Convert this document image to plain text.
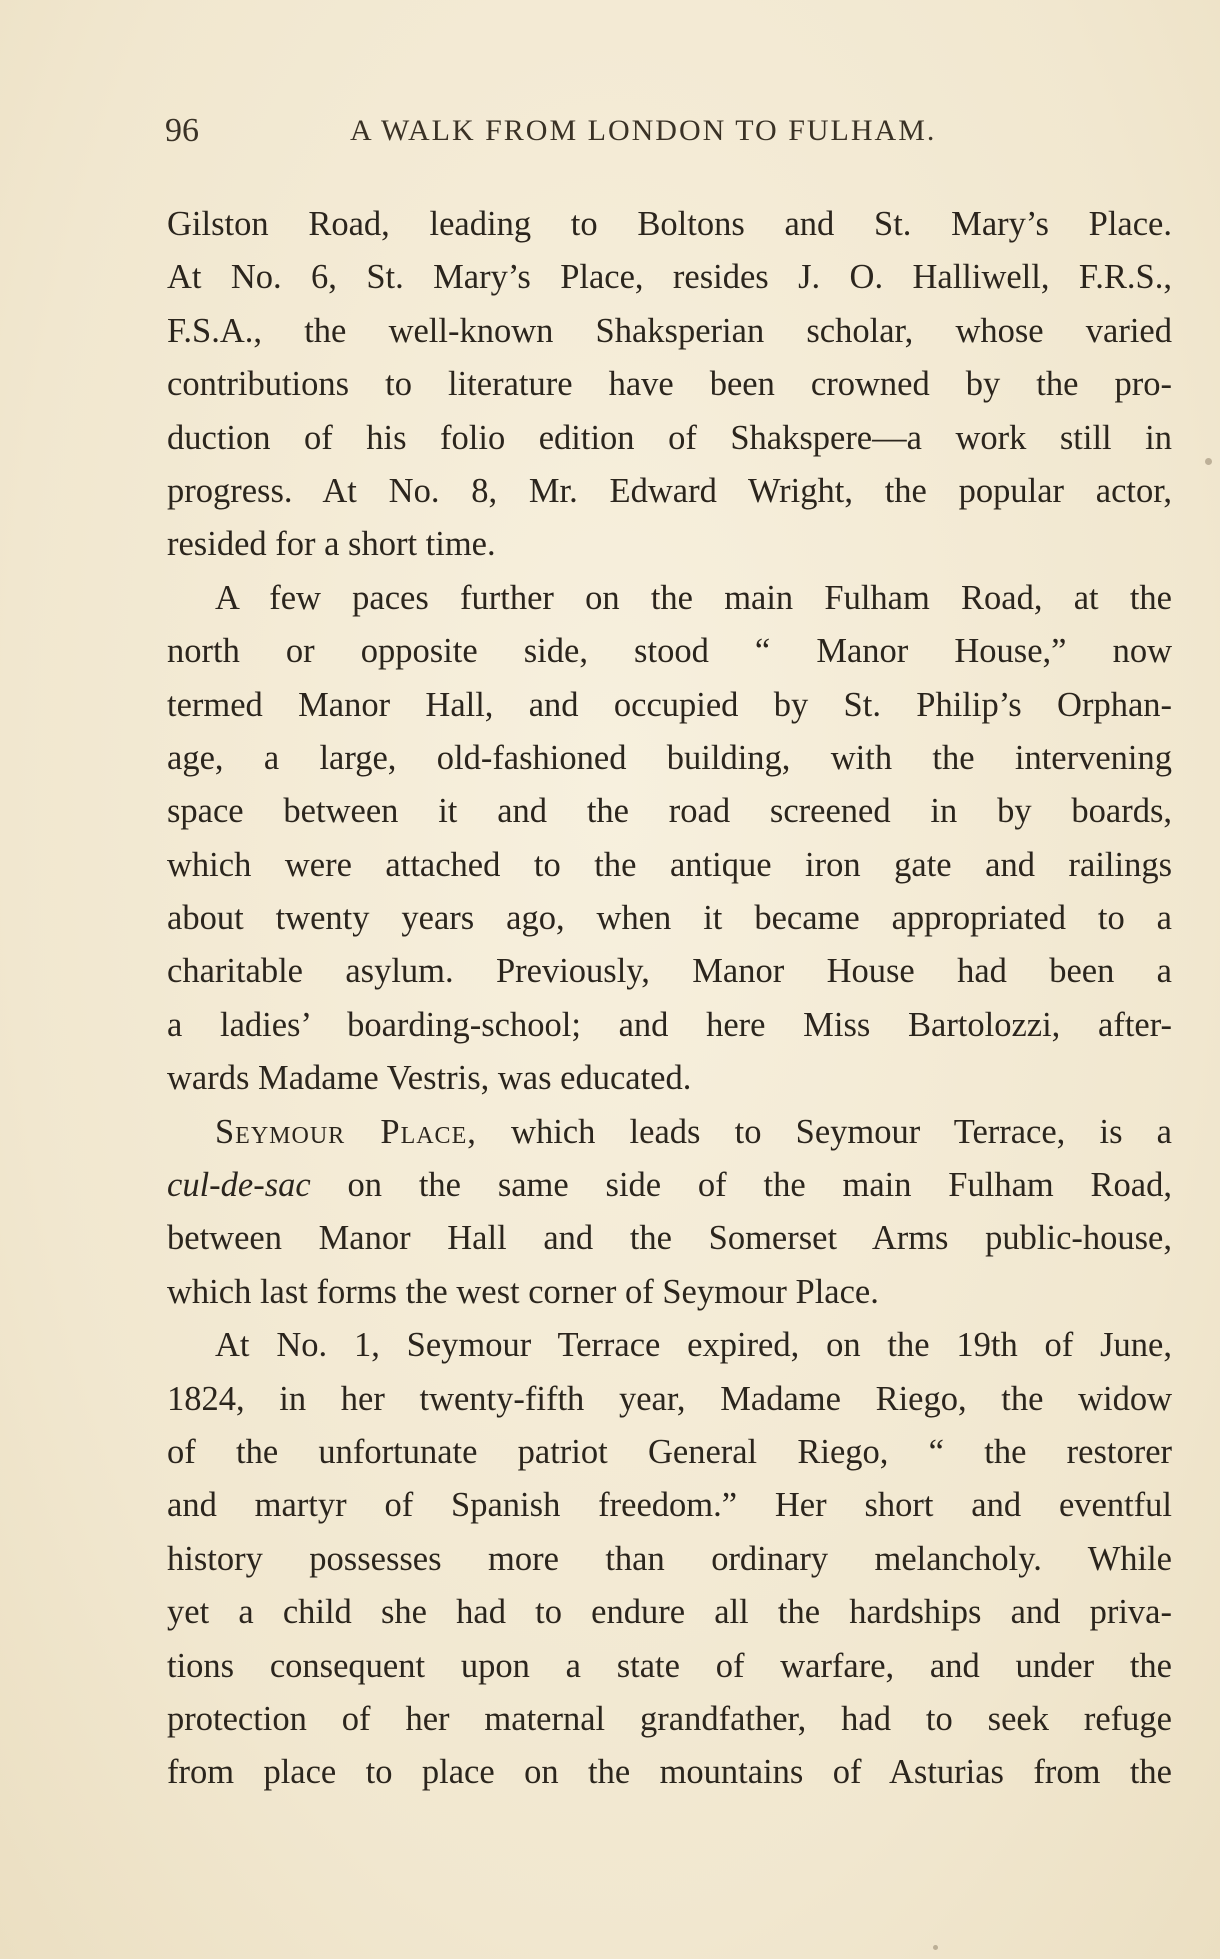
96	A WALK FROM LONDON TO FULHAM.
Gilston Road, leading to Boltons and St. Mary’s Place.
At No. 6, St. Mary’s Place, resides J. O. Halliwell, F.R.S.,
F.S.A., the well-known Shaksperian scholar, whose varied
contributions to literature have been crowned by the pro-
duction of his folio edition of Shakspere—a work still in
progress. At No. 8, Mr. Edward Wright, the popular actor,
resided for a short time.
A few paces further on the main Fulham Road, at the
north or opposite side, stood “ Manor House,” now
termed Manor Hall, and occupied by St. Philip’s Orphan-
age, a large, old-fashioned building, with the intervening
space between it and the road screened in by boards,
which were attached to the antique iron gate and railings
about twenty years ago, when it became appropriated to a
charitable asylum. Previously, Manor House had been a
a ladies’ boarding-school; and here Miss Bartolozzi, after-
wards Madame Vestris, was educated.
Seymour Place, which leads to Seymour Terrace, is a
cul-de-sac on the same side of the main Fulham Road,
between Manor Hall and the Somerset Arms public-house,
which last forms the west corner of Seymour Place.
At No. 1, Seymour Terrace expired, on the 19th of June,
1824, in her twenty-fifth year, Madame Riego, the widow
of the unfortunate patriot General Riego, “ the restorer
and martyr of Spanish freedom.” Her short and eventful
history possesses more than ordinary melancholy. While
yet a child she had to endure all the hardships and priva-
tions consequent upon a state of warfare, and under the
protection of her maternal grandfather, had to seek refuge
from place to place on the mountains of Asturias from the
